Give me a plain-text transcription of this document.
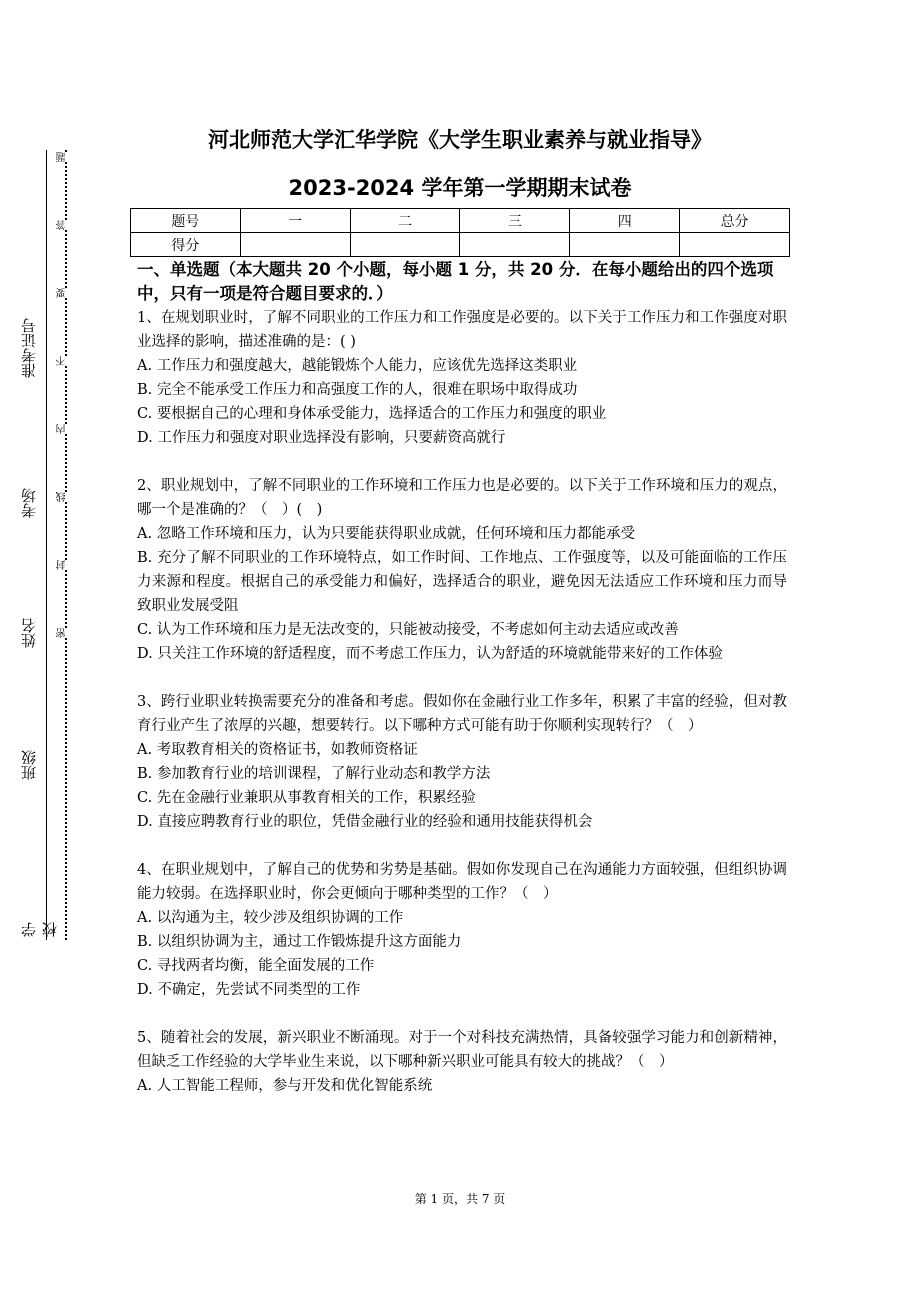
学校
班级
姓名
考场
准考证号
密
封
线
内
不
要
答
题
河北师范大学汇华学院《大学生职业素养与就业指导》
2023-2024 学年第一学期期末试卷
题号	一	二	三	四	总分
得分					

一、单选题（本大题共 20 个小题，每小题 1 分，共 20 分．在每小题给出的四个选项中，只有一项是符合题目要求的．）

1、在规划职业时，了解不同职业的工作压力和工作强度是必要的。以下关于工作压力和工作强度对职业选择的影响，描述准确的是：( )

A. 工作压力和强度越大，越能锻炼个人能力，应该优先选择这类职业

B. 完全不能承受工作压力和高强度工作的人，很难在职场中取得成功

C. 要根据自己的心理和身体承受能力，选择适合的工作压力和强度的职业

D. 工作压力和强度对职业选择没有影响，只要薪资高就行

2、职业规划中，了解不同职业的工作环境和工作压力也是必要的。以下关于工作环境和压力的观点，哪一个是准确的？（　）(　)

A. 忽略工作环境和压力，认为只要能获得职业成就，任何环境和压力都能承受

B. 充分了解不同职业的工作环境特点，如工作时间、工作地点、工作强度等，以及可能面临的工作压力来源和程度。根据自己的承受能力和偏好，选择适合的职业，避免因无法适应工作环境和压力而导致职业发展受阻

C. 认为工作环境和压力是无法改变的，只能被动接受，不考虑如何主动去适应或改善

D. 只关注工作环境的舒适程度，而不考虑工作压力，认为舒适的环境就能带来好的工作体验

3、跨行业职业转换需要充分的准备和考虑。假如你在金融行业工作多年，积累了丰富的经验，但对教育行业产生了浓厚的兴趣，想要转行。以下哪种方式可能有助于你顺利实现转行？（　）

A. 考取教育相关的资格证书，如教师资格证

B. 参加教育行业的培训课程，了解行业动态和教学方法

C. 先在金融行业兼职从事教育相关的工作，积累经验

D. 直接应聘教育行业的职位，凭借金融行业的经验和通用技能获得机会

4、在职业规划中，了解自己的优势和劣势是基础。假如你发现自己在沟通能力方面较强，但组织协调能力较弱。在选择职业时，你会更倾向于哪种类型的工作？（　）

A. 以沟通为主，较少涉及组织协调的工作

B. 以组织协调为主，通过工作锻炼提升这方面能力

C. 寻找两者均衡，能全面发展的工作

D. 不确定，先尝试不同类型的工作

5、随着社会的发展，新兴职业不断涌现。对于一个对科技充满热情，具备较强学习能力和创新精神，但缺乏工作经验的大学毕业生来说，以下哪种新兴职业可能具有较大的挑战？（　）

A. 人工智能工程师，参与开发和优化智能系统

第 1 页，共 7 页
